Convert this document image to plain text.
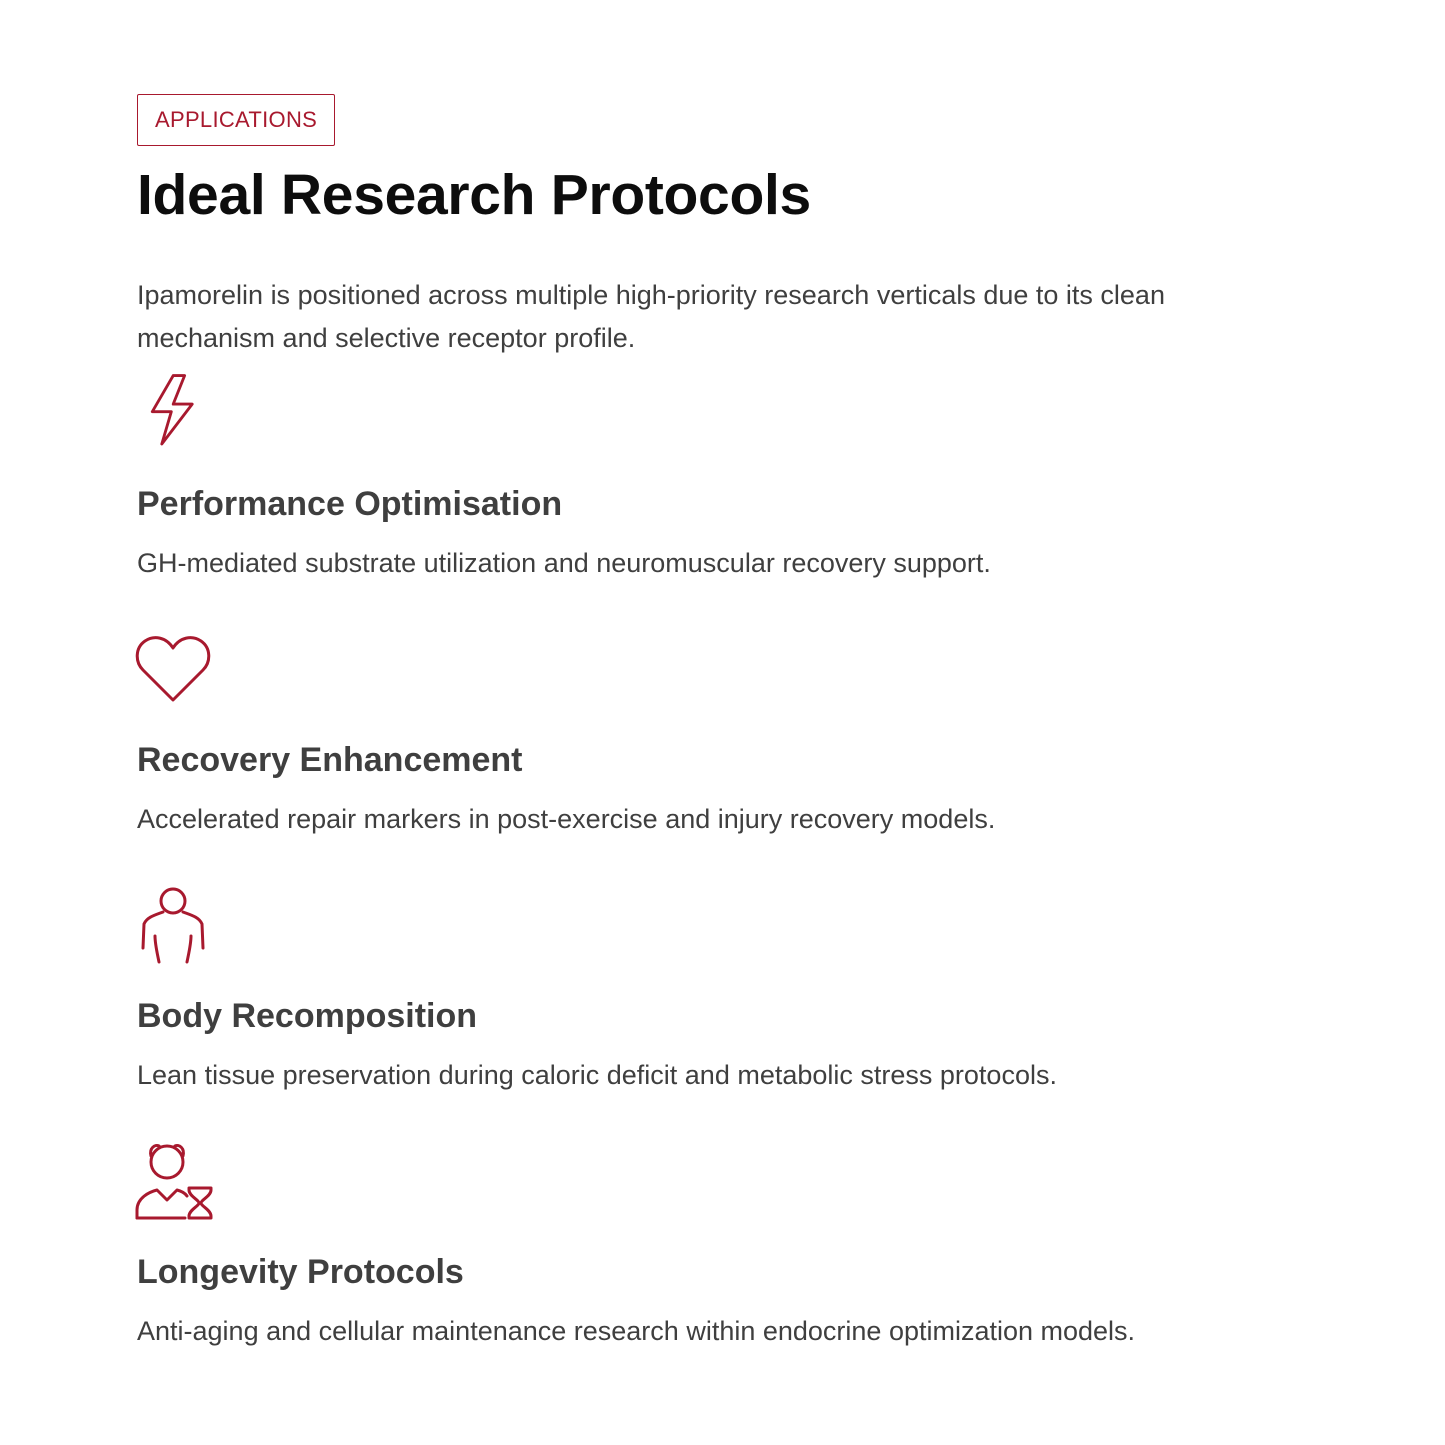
APPLICATIONS
Ideal Research Protocols

Ipamorelin is positioned across multiple high-priority research verticals due to its clean mechanism and selective receptor profile.

Performance Optimisation
GH-mediated substrate utilization and neuromuscular recovery support.
Recovery Enhancement
Accelerated repair markers in post-exercise and injury recovery models.
Body Recomposition
Lean tissue preservation during caloric deficit and metabolic stress protocols.
Longevity Protocols
Anti-aging and cellular maintenance research within endocrine optimization models.
